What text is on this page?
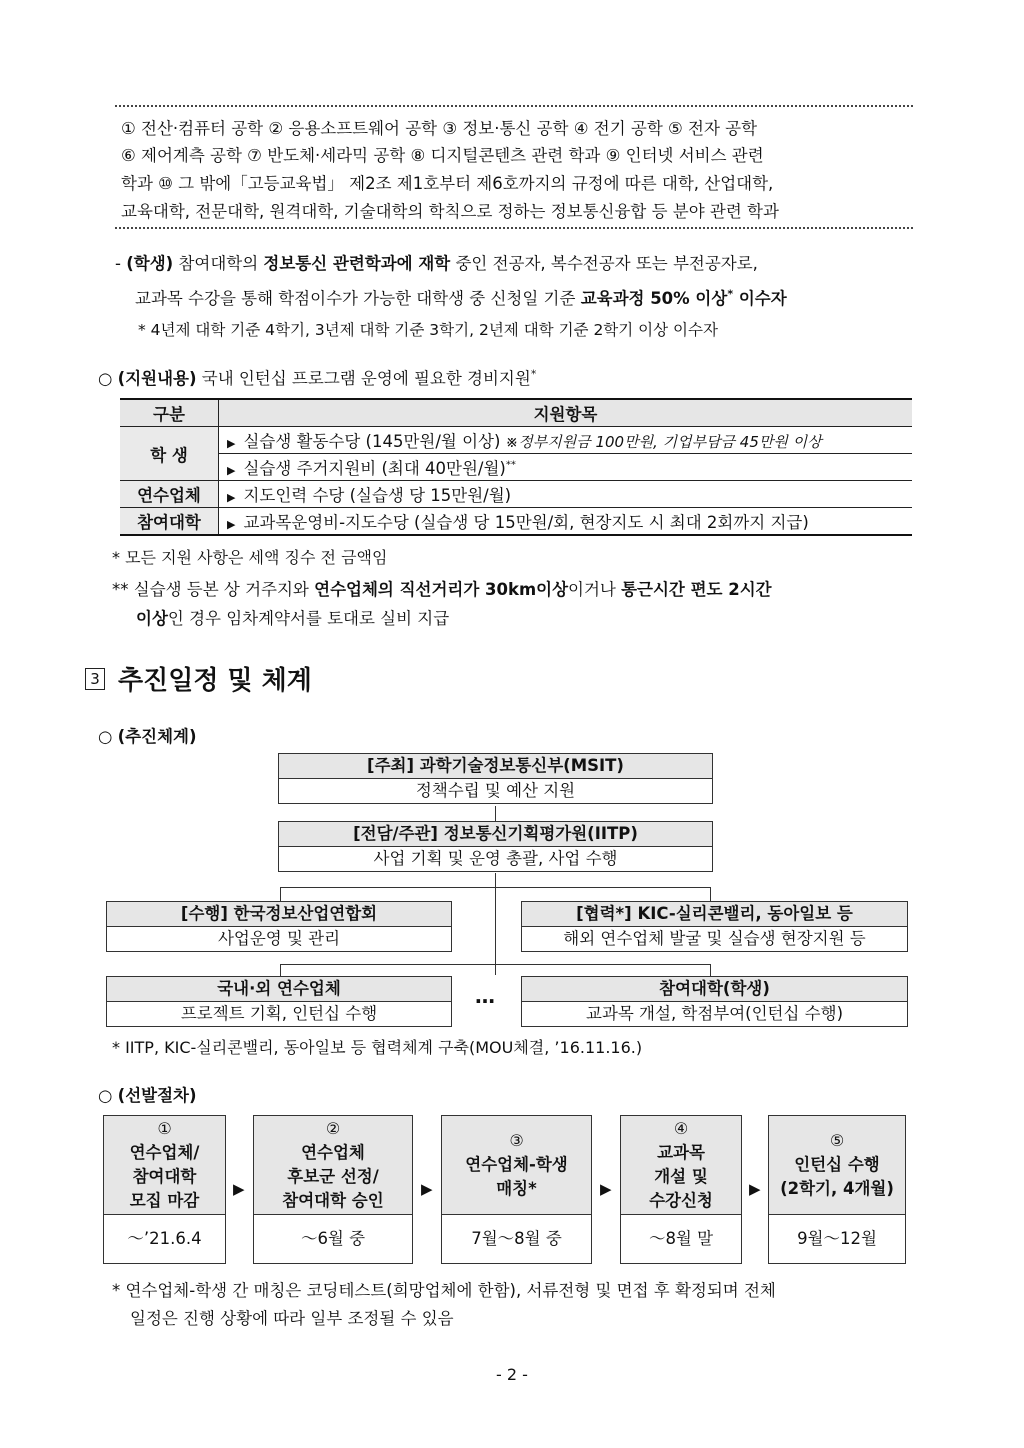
① 전산·컴퓨터 공학 ② 응용소프트웨어 공학 ③ 정보·통신 공학 ④ 전기 공학 ⑤ 전자 공학
⑥ 제어계측 공학 ⑦ 반도체·세라믹 공학 ⑧ 디지털콘텐츠 관련 학과 ⑨ 인터넷 서비스 관련
학과 ⑩ 그 밖에「고등교육법」 제2조 제1호부터 제6호까지의 규정에 따른 대학, 산업대학,
교육대학, 전문대학, 원격대학, 기술대학의 학칙으로 정하는 정보통신융합 등 분야 관련 학과
- (학생) 참여대학의 정보통신 관련학과에 재학 중인 전공자, 복수전공자 또는 부전공자로,
교과목 수강을 통해 학점이수가 가능한 대학생 중 신청일 기준 교육과정 50% 이상* 이수자
* 4년제 대학 기준 4학기, 3년제 대학 기준 3학기, 2년제 대학 기준 2학기 이상 이수자
○ (지원내용) 국내 인턴십 프로그램 운영에 필요한 경비지원*
구분	지원항목
학 생	▶ 실습생 활동수당 (145만원/월 이상) ※정부지원금 100만원, 기업부담금 45만원 이상
	▶ 실습생 주거지원비 (최대 40만원/월)**
연수업체	▶ 지도인력 수당 (실습생 당 15만원/월)
참여대학	▶ 교과목운영비-지도수당 (실습생 당 15만원/회, 현장지도 시 최대 2회까지 지급)
* 모든 지원 사항은 세액 징수 전 금액임
** 실습생 등본 상 거주지와 연수업체의 직선거리가 30km이상이거나 통근시간 편도 2시간
이상인 경우 임차계약서를 토대로 실비 지급
3 추진일정 및 체계
○ (추진체계)
[주최] 과학기술정보통신부(MSIT)
정책수립 및 예산 지원
[전담/주관] 정보통신기획평가원(IITP)
사업 기획 및 운영 총괄, 사업 수행
[수행] 한국정보산업연합회
사업운영 및 관리
[협력*] KIC-실리콘밸리, 동아일보 등
해외 연수업체 발굴 및 실습생 현장지원 등
국내·외 연수업체
프로젝트 기획, 인턴십 수행
…	참여대학(학생)
교과목 개설, 학점부여(인턴십 수행)
* IITP, KIC-실리콘밸리, 동아일보 등 협력체계 구축(MOU체결, ’16.11.16.)
○ (선발절차)
①
연수업체/
참여대학
모집 마감
～’21.6.4
▶
②
연수업체
후보군 선정/
참여대학 승인
～6월 중
▶
③
연수업체-학생
매칭*
7월～8월 중
▶
④
교과목
개설 및
수강신청
～8월 말
▶
⑤
인턴십 수행
(2학기, 4개월)
9월～12월
* 연수업체-학생 간 매칭은 코딩테스트(희망업체에 한함), 서류전형 및 면접 후 확정되며 전체
일정은 진행 상황에 따라 일부 조정될 수 있음
- 2 -
